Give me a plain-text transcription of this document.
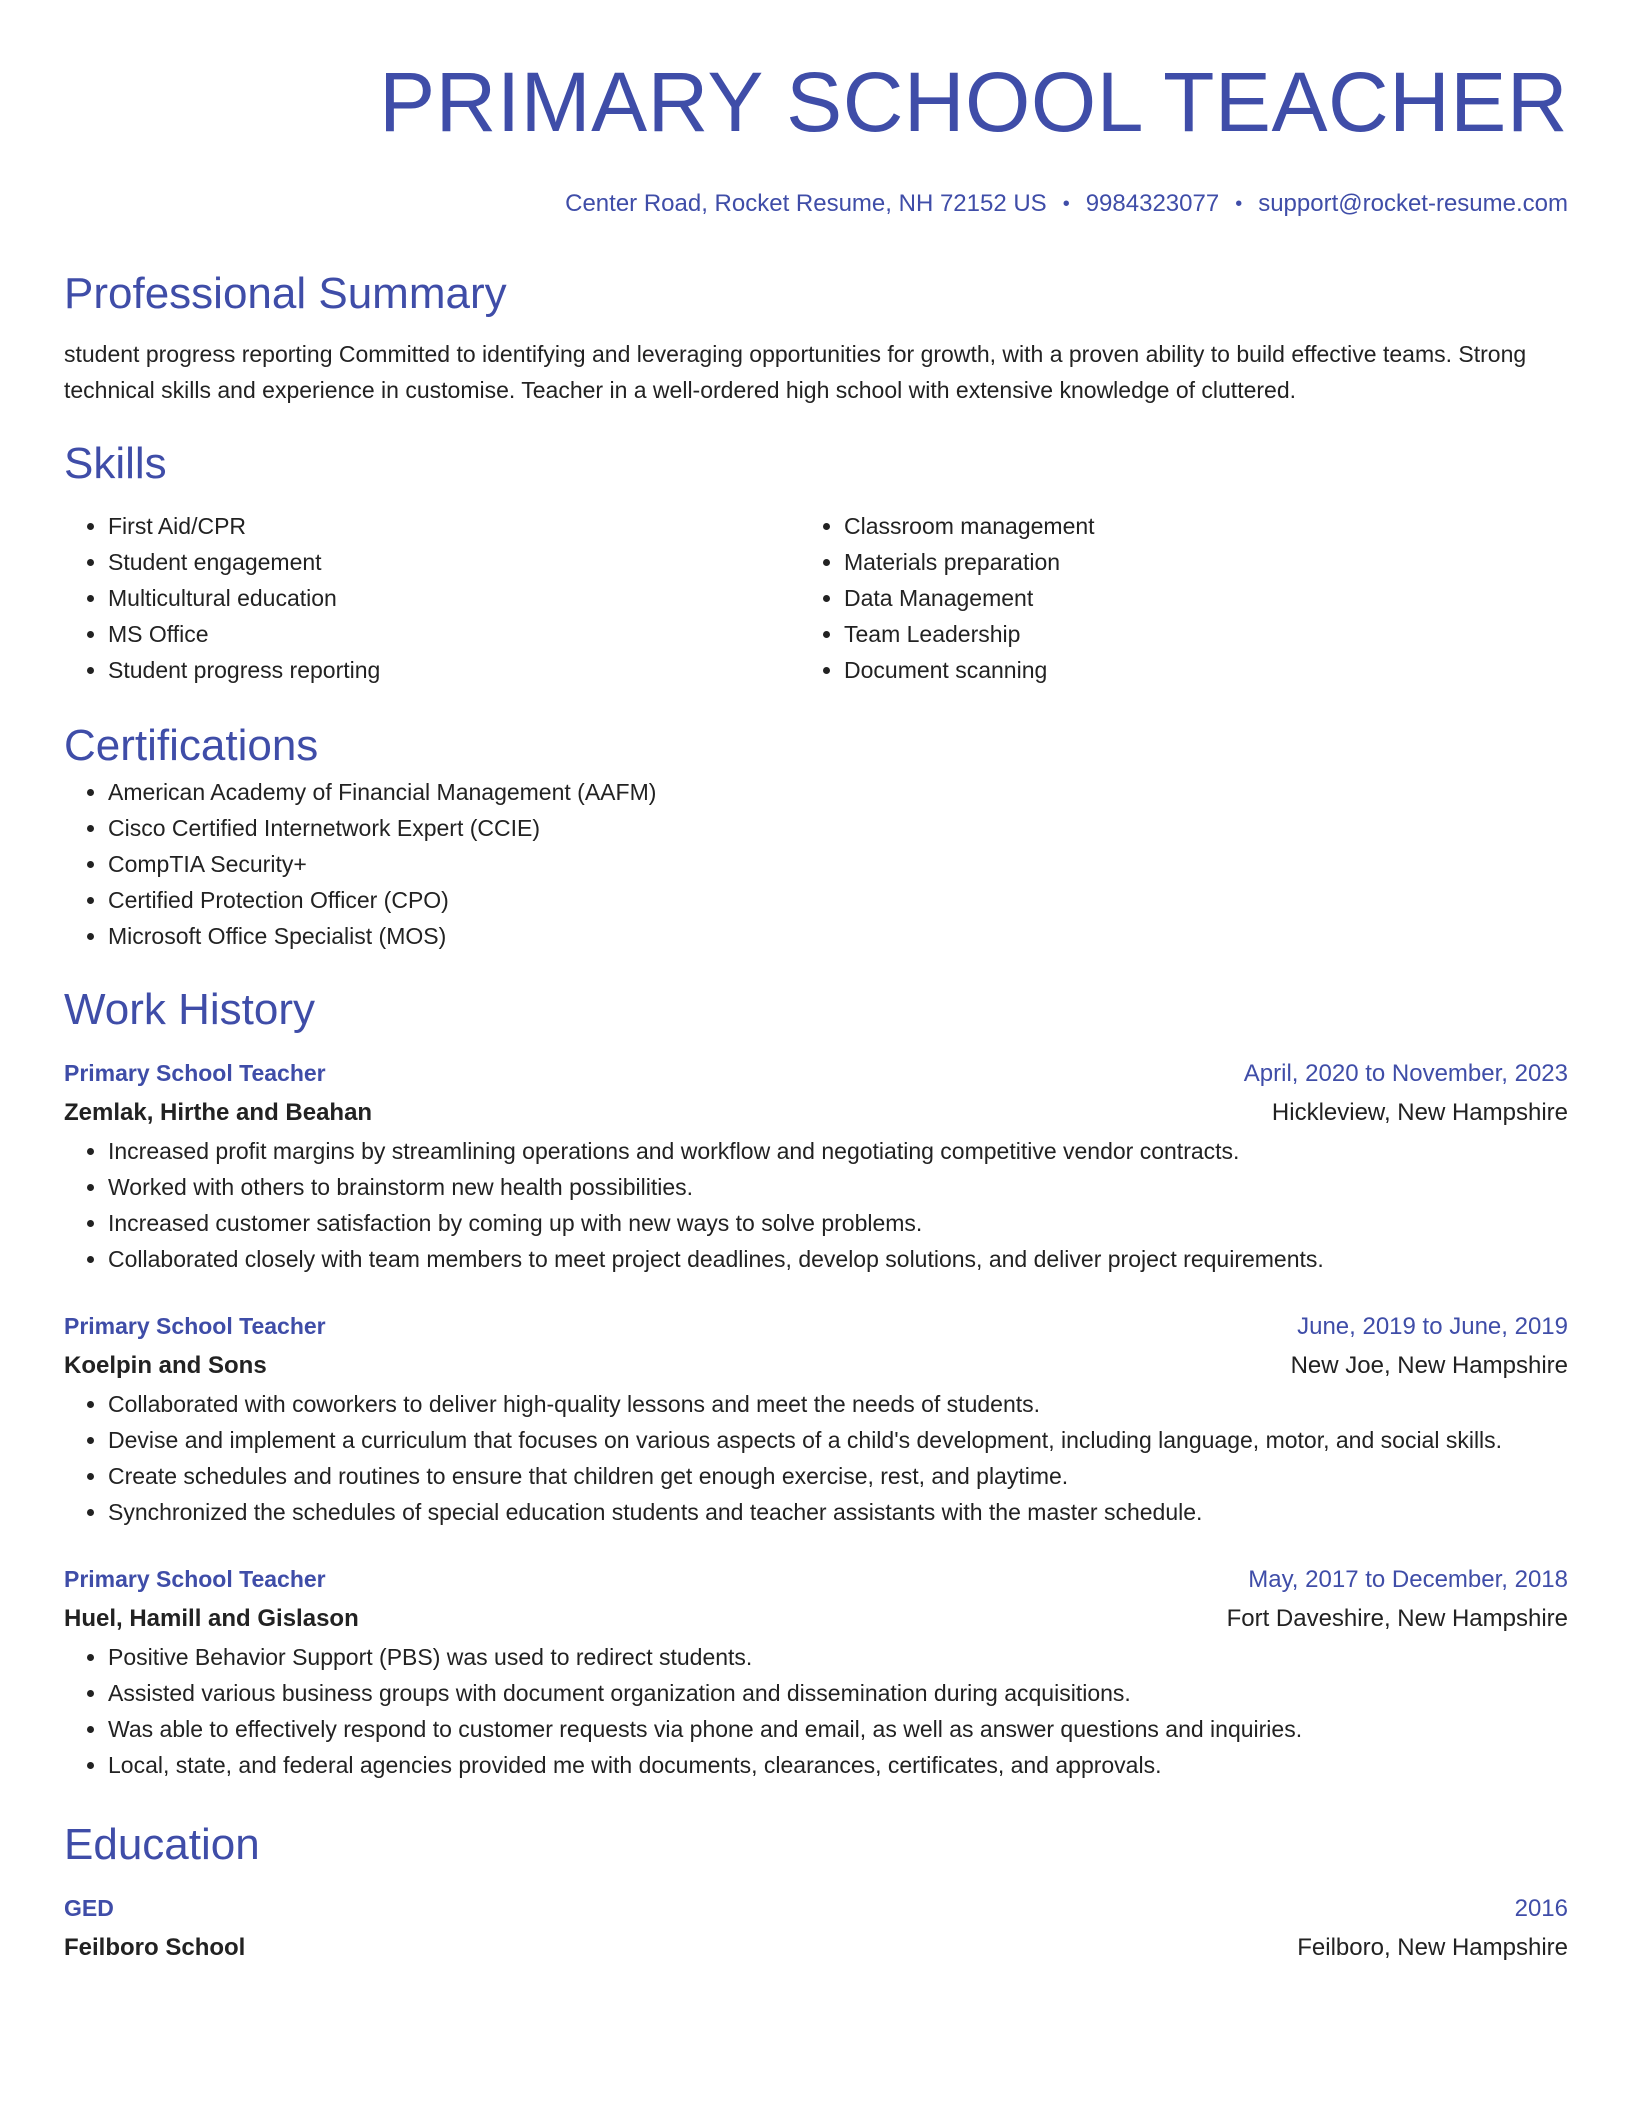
PRIMARY SCHOOL TEACHER
Center Road, Rocket Resume, NH 72152 US • 9984323077 • support@rocket-resume.com
Professional Summary
student progress reporting Committed to identifying and leveraging opportunities for growth, with a proven ability to build effective teams. Strong technical skills and experience in customise. Teacher in a well-ordered high school with extensive knowledge of cluttered.
Skills
• First Aid/CPR
• Student engagement
• Multicultural education
• MS Office
• Student progress reporting
• Classroom management
• Materials preparation
• Data Management
• Team Leadership
• Document scanning
Certifications
• American Academy of Financial Management (AAFM)
• Cisco Certified Internetwork Expert (CCIE)
• CompTIA Security+
• Certified Protection Officer (CPO)
• Microsoft Office Specialist (MOS)
Work History
Primary School Teacher	April, 2020 to November, 2023
Zemlak, Hirthe and Beahan	Hickleview, New Hampshire
• Increased profit margins by streamlining operations and workflow and negotiating competitive vendor contracts.
• Worked with others to brainstorm new health possibilities.
• Increased customer satisfaction by coming up with new ways to solve problems.
• Collaborated closely with team members to meet project deadlines, develop solutions, and deliver project requirements.
Primary School Teacher	June, 2019 to June, 2019
Koelpin and Sons	New Joe, New Hampshire
• Collaborated with coworkers to deliver high-quality lessons and meet the needs of students.
• Devise and implement a curriculum that focuses on various aspects of a child's development, including language, motor, and social skills.
• Create schedules and routines to ensure that children get enough exercise, rest, and playtime.
• Synchronized the schedules of special education students and teacher assistants with the master schedule.
Primary School Teacher	May, 2017 to December, 2018
Huel, Hamill and Gislason	Fort Daveshire, New Hampshire
• Positive Behavior Support (PBS) was used to redirect students.
• Assisted various business groups with document organization and dissemination during acquisitions.
• Was able to effectively respond to customer requests via phone and email, as well as answer questions and inquiries.
• Local, state, and federal agencies provided me with documents, clearances, certificates, and approvals.
Education
GED	2016
Feilboro School	Feilboro, New Hampshire
